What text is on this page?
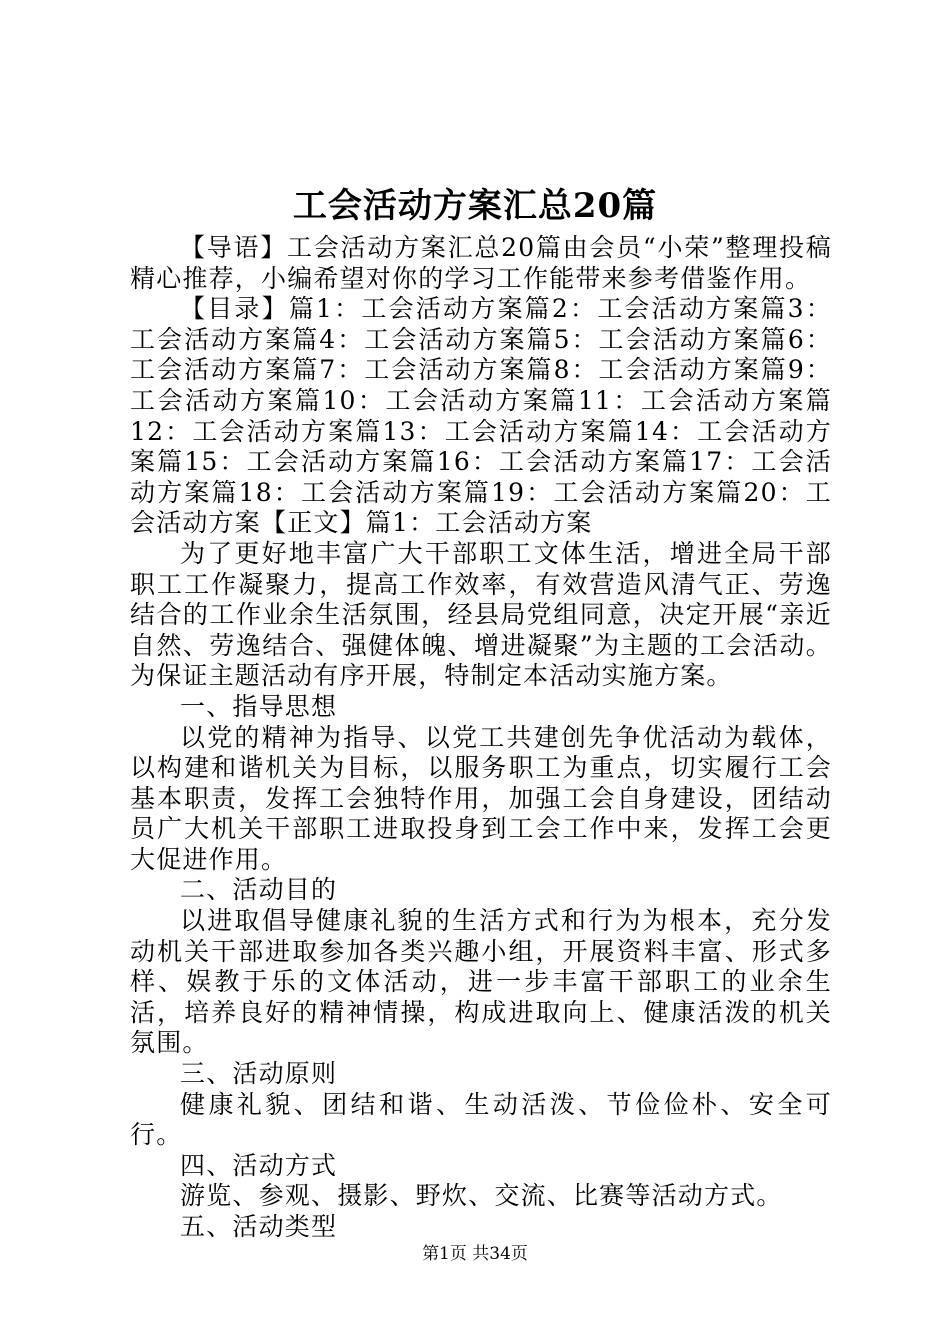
工会活动方案汇总20篇

【导语】工会活动方案汇总20篇由会员“小荣”整理投稿精心推荐，小编希望对你的学习工作能带来参考借鉴作用。

【目录】篇1：工会活动方案篇2：工会活动方案篇3：工会活动方案篇4：工会活动方案篇5：工会活动方案篇6：工会活动方案篇7：工会活动方案篇8：工会活动方案篇9：工会活动方案篇10：工会活动方案篇11：工会活动方案篇12：工会活动方案篇13：工会活动方案篇14：工会活动方案篇15：工会活动方案篇16：工会活动方案篇17：工会活动方案篇18：工会活动方案篇19：工会活动方案篇20：工会活动方案【正文】篇1：工会活动方案

为了更好地丰富广大干部职工文体生活，增进全局干部职工工作凝聚力，提高工作效率，有效营造风清气正、劳逸结合的工作业余生活氛围，经县局党组同意，决定开展“亲近自然、劳逸结合、强健体魄、增进凝聚”为主题的工会活动。为保证主题活动有序开展，特制定本活动实施方案。

一、指导思想

以党的精神为指导、以党工共建创先争优活动为载体，以构建和谐机关为目标，以服务职工为重点，切实履行工会基本职责，发挥工会独特作用，加强工会自身建设，团结动员广大机关干部职工进取投身到工会工作中来，发挥工会更大促进作用。

二、活动目的

以进取倡导健康礼貌的生活方式和行为为根本，充分发动机关干部进取参加各类兴趣小组，开展资料丰富、形式多样、娱教于乐的文体活动，进一步丰富干部职工的业余生活，培养良好的精神情操，构成进取向上、健康活泼的机关氛围。

三、活动原则

健康礼貌、团结和谐、生动活泼、节俭俭朴、安全可行。

四、活动方式

游览、参观、摄影、野炊、交流、比赛等活动方式。

五、活动类型

第1页 共34页
